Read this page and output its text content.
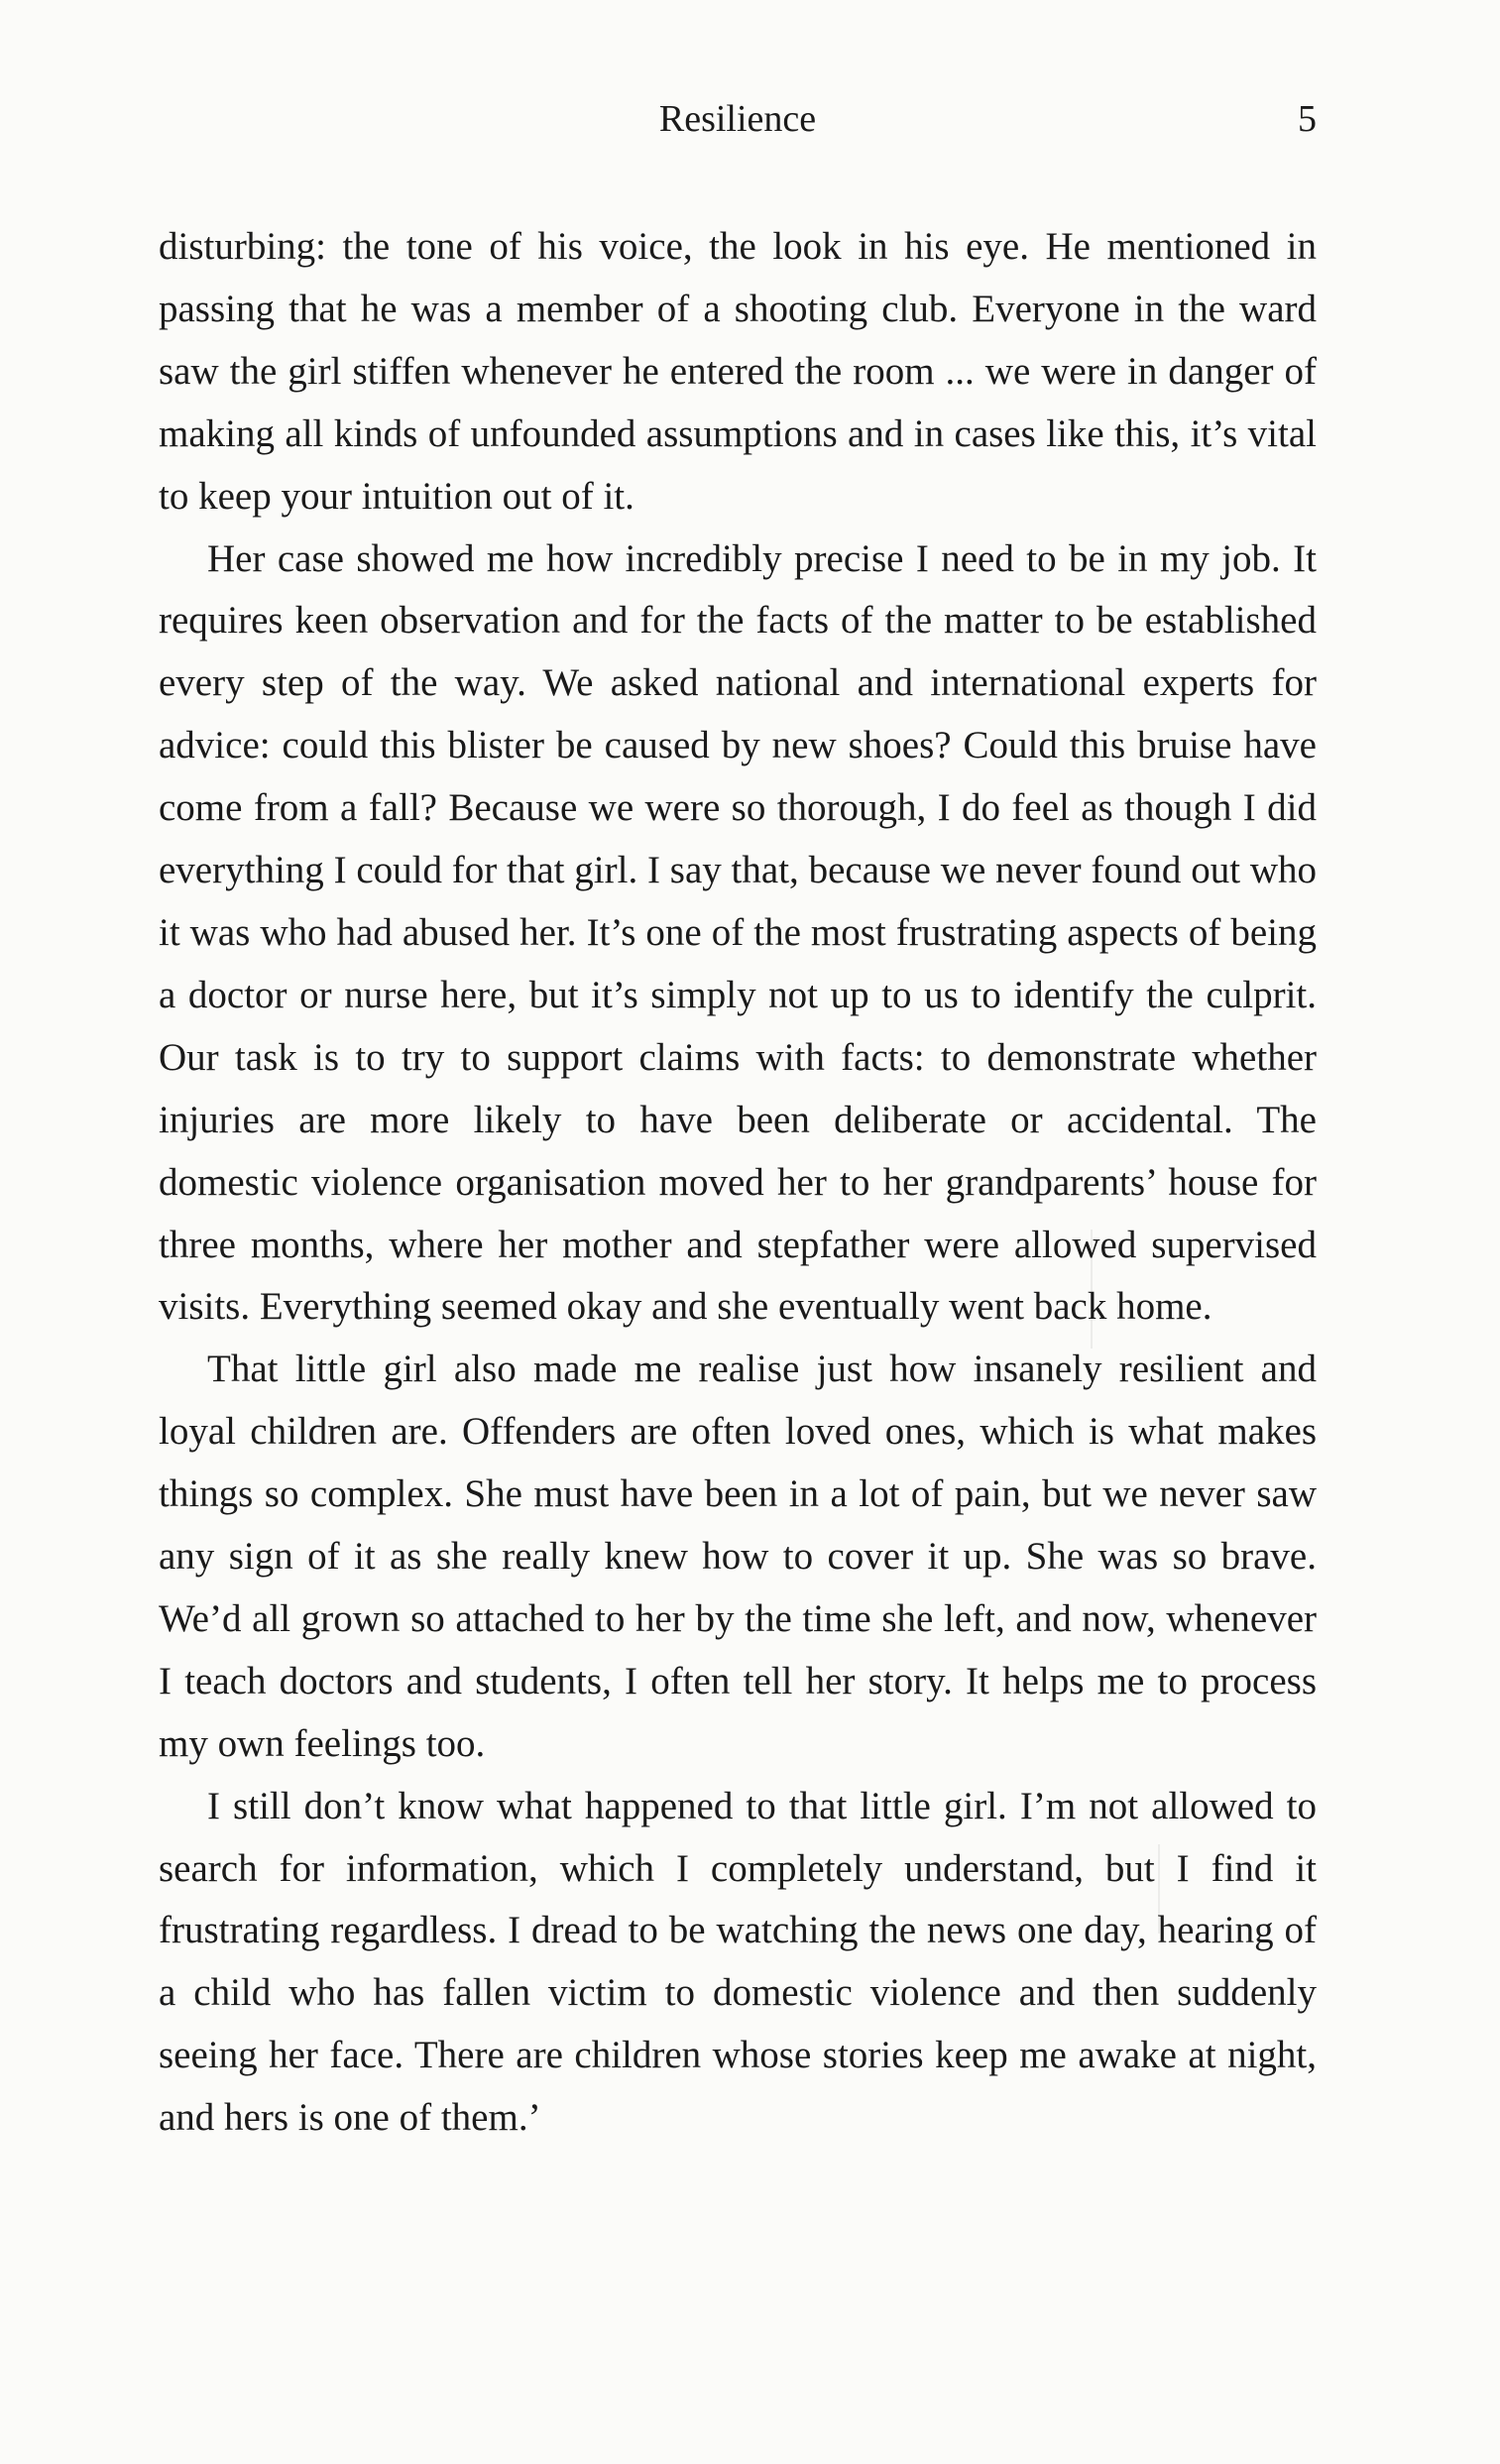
Resilience	5

disturbing: the tone of his voice, the look in his eye. He mentioned in passing that he was a member of a shooting club. Everyone in the ward saw the girl stiffen whenever he entered the room ... we were in danger of making all kinds of unfounded assumptions and in cases like this, it’s vital to keep your intuition out of it.

Her case showed me how incredibly precise I need to be in my job. It requires keen observation and for the facts of the matter to be established every step of the way. We asked national and international experts for advice: could this blister be caused by new shoes? Could this bruise have come from a fall? Because we were so thorough, I do feel as though I did everything I could for that girl. I say that, because we never found out who it was who had abused her. It’s one of the most frustrating aspects of being a doctor or nurse here, but it’s simply not up to us to identify the culprit. Our task is to try to support claims with facts: to demonstrate whether injuries are more likely to have been deliberate or accidental. The domestic violence organisation moved her to her grandparents’ house for three months, where her mother and stepfather were allowed supervised visits. Everything seemed okay and she eventually went back home.

That little girl also made me realise just how insanely resilient and loyal children are. Offenders are often loved ones, which is what makes things so complex. She must have been in a lot of pain, but we never saw any sign of it as she really knew how to cover it up. She was so brave. We’d all grown so attached to her by the time she left, and now, whenever I teach doctors and students, I often tell her story. It helps me to process my own feelings too.

I still don’t know what happened to that little girl. I’m not allowed to search for information, which I completely understand, but I find it frustrating regardless. I dread to be watching the news one day, hearing of a child who has fallen victim to domestic violence and then suddenly seeing her face. There are children whose stories keep me awake at night, and hers is one of them.’
